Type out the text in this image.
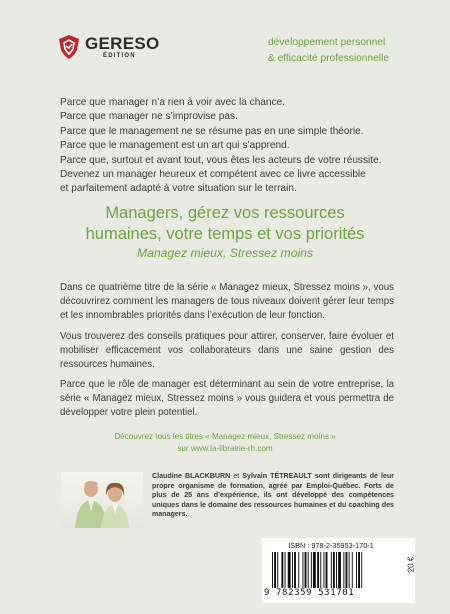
GERESO
ÉDITION
développement personnel
& efficacité professionnelle
Parce que manager n’a rien à voir avec la chance.
Parce que manager ne s’improvise pas.
Parce que le management ne se résume pas en une simple théorie.
Parce que le management est un art qui s’apprend.
Parce que, surtout et avant tout, vous êtes les acteurs de votre réussite.
Devenez un manager heureux et compétent avec ce livre accessible
et parfaitement adapté à votre situation sur le terrain.
Managers, gérez vos ressources
humaines, votre temps et vos priorités
Managez mieux, Stressez moins

Dans ce quatrième titre de la série « Managez mieux, Stressez moins », vous découvrirez comment les managers de tous niveaux doivent gérer leur temps et les innombrables priorités dans l’exécution de leur fonction.

Vous trouverez des conseils pratiques pour attirer, conserver, faire évoluer et mobiliser efficacement vos collaborateurs dans une saine gestion des ressources humaines.

Parce que le rôle de manager est déterminant au sein de votre entreprise, la série « Managez mieux, Stressez moins » vous guidera et vous permettra de développer votre plein potentiel.

Découvrez tous les titres « Managez mieux, Stressez moins »
sur www.la-librairie-rh.com
Claudine BLACKBURN et Sylvain TÉTREAULT sont dirigeants de leur propre organisme de formation, agréé par Emploi-Québec. Forts de plus de 25 ans d’expérience, ils ont développé des compétences uniques dans le domaine des ressources humaines et du coaching des managers.
ISBN : 978-2-35953-170-1
9 782359 531701
20 €
